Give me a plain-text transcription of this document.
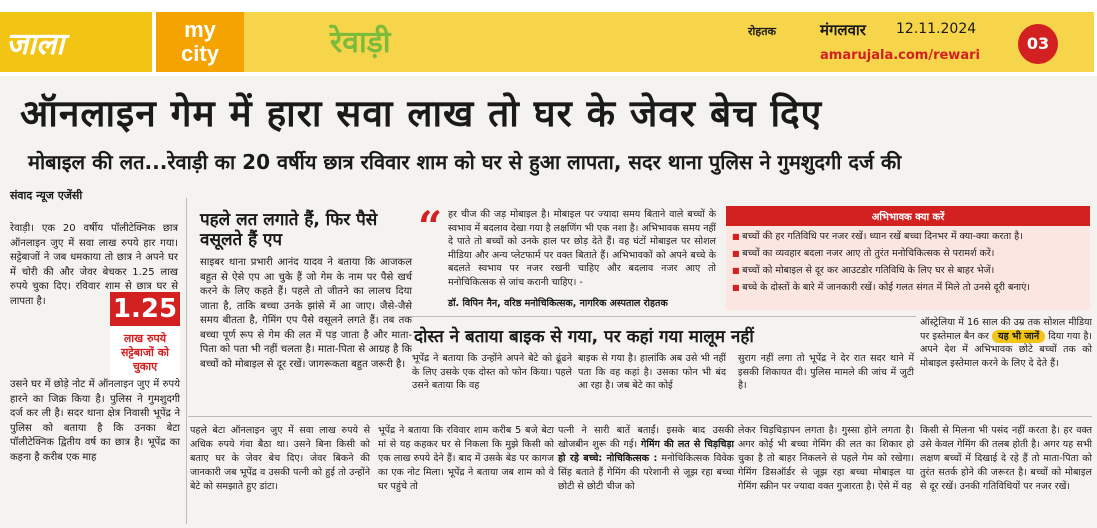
जाला	my
city	रेवाड़ी	रोहतक	मंगलवार 12.11.2024
amarujala.com/rewari
03
ऑनलाइन गेम में हारा सवा लाख तो घर के जेवर बेच दिए
मोबाइल की लत...रेवाड़ी का 20 वर्षीय छात्र रविवार शाम को घर से हुआ लापता, सदर थाना पुलिस ने गुमशुदगी दर्ज की
संवाद न्यूज एजेंसी
रेवाड़ी। एक 20 वर्षीय पॉलीटेक्निक छात्र ऑनलाइन जुए में सवा लाख रुपये हार गया। सट्टेबाजों ने जब धमकाया तो छात्र ने अपने घर में चोरी की और जेवर बेचकर 1.25 लाख रुपये चुका दिए। रविवार शाम से छात्र घर से लापता है।	1.25
लाख रुपये सट्टेबाजों को चुकाए
उसने घर में छोड़े नोट में ऑनलाइन जुए में रुपये हारने का जिक्र किया है। पुलिस ने गुमशुदगी दर्ज कर ली है। सदर थाना क्षेत्र निवासी भूपेंद्र ने पुलिस को बताया है कि उनका बेटा पॉलीटेक्निक द्वितीय वर्ष का छात्र है। भूपेंद्र का कहना है करीब एक माह
पहले लत लगाते हैं, फिर पैसे वसूलते हैं एप
साइबर थाना प्रभारी आनंद यादव ने बताया कि आजकल बहुत से ऐसे एप आ चुके हैं जो गेम के नाम पर पैसे खर्च करने के लिए कहते हैं। पहले तो जीतने का लालच दिया जाता है, ताकि बच्चा उनके झांसे में आ जाए। जैसे-जैसे समय बीतता है, गेमिंग एप पैसे वसूलने लगते हैं। तब तक बच्चा पूर्ण रूप से गेम की लत में पड़ जाता है और माता-पिता को पता भी नहीं चलता है। माता-पिता से आग्रह है कि बच्चों को मोबाइल से दूर रखें। जागरूकता बहुत जरूरी है।
“ हर चीज की जड़ मोबाइल है। मोबाइल पर ज्यादा समय बिताने वाले बच्चों के स्वभाव में बदलाव देखा गया है लक्षणिंग भी एक नशा है। अभिभावक समय नहीं दे पाते तो बच्चों को उनके हाल पर छोड़ देते हैं। वह घंटों मोबाइल पर सोशल मीडिया और अन्य प्लेटफार्म पर वक्त बिताते हैं। अभिभावकों को अपने बच्चे के बदलते स्वभाव पर नजर रखनी चाहिए और बदलाव नजर आए तो मनोचिकित्सक से जांच करानी चाहिए। -
डॉ. विपिन नैन, वरिष्ठ मनोचिकित्सक, नागरिक अस्पताल रोहतक
अभिभावक क्या करें
■ बच्चों की हर गतिविधि पर नजर रखें। ध्यान रखें बच्चा दिनभर में क्या-क्या करता है।
■ बच्चों का व्यवहार बदला नजर आए तो तुरंत मनोचिकित्सक से परामर्श करें।
■ बच्चों को मोबाइल से दूर कर आउटडोर गतिविधि के लिए घर से बाहर भेजें।
■ बच्चे के दोस्तों के बारे में जानकारी रखें। कोई गलत संगत में मिले तो उनसे दूरी बनाएं।
दोस्त ने बताया बाइक से गया, पर कहां गया मालूम नहीं
भूपेंद्र ने बताया कि उन्होंने अपने बेटे को ढूंढने के लिए उसके एक दोस्त को फोन किया। पहले उसने बताया कि वह
बाइक से गया है। हालांकि अब उसे भी नहीं पता कि वह कहां है। उसका फोन भी बंद आ रहा है। जब बेटे का कोई
सुराग नहीं लगा तो भूपेंद्र ने देर रात सदर थाने में इसकी शिकायत दी। पुलिस मामले की जांच में जुटी है।
ऑस्ट्रेलिया में 16 साल की उम्र तक सोशल मीडिया पर इस्तेमाल बैन कर यह भी जानें दिया गया है। अपने देश में अभिभावक छोटे बच्चों तक को मोबाइल इस्तेमाल करने के लिए दे देते हैं।
पहले बेटा ऑनलाइन जुए में सवा लाख रुपये से अधिक रुपये गंवा बैठा था। उसने बिना किसी को बताए घर के जेवर बेच दिए। जेवर बिकने की जानकारी जब भूपेंद्र व उसकी पत्नी को हुई तो उन्होंने बेटे को समझाते हुए डांटा।
भूपेंद्र ने बताया कि रविवार शाम करीब 5 बजे बेटा मां से यह कहकर घर से निकला कि मुझे किसी को एक लाख रुपये देने हैं। बाद में उसके बेड पर कागज का एक नोट मिला। भूपेंद्र ने बताया जब शाम को वे घर पहुंचे तो
पत्नी ने सारी बातें बताईं। इसके बाद उसकी खोजबीन शुरू की गई। गेमिंग की लत से चिड़चिड़ा हो रहे बच्चे: नोचिकित्सक : मनोचिकित्सक विवेक सिंह बताते हैं गेमिंग की परेशानी से जूझ रहा बच्चा छोटी से छोटी चीज को
लेकर चिड़चिड़ापन लगता है। गुस्सा होने लगता है। अगर कोई भी बच्चा गेमिंग की लत का शिकार हो चुका है तो बाहर निकलने से पहले गेम को रखेगा। गेमिंग डिसऑर्डर से जूझ रहा बच्चा मोबाइल या गेमिंग स्क्रीन पर ज्यादा वक्त गुजारता है। ऐसे में वह
किसी से मिलना भी पसंद नहीं करता है। हर वक्त उसे केवल गेमिंग की तलब होती है। अगर यह सभी लक्षण बच्चों में दिखाई दे रहे हैं तो माता-पिता को तुरंत सतर्क होने की जरूरत है। बच्चों को मोबाइल से दूर रखें। उनकी गतिविधियों पर नजर रखें।
